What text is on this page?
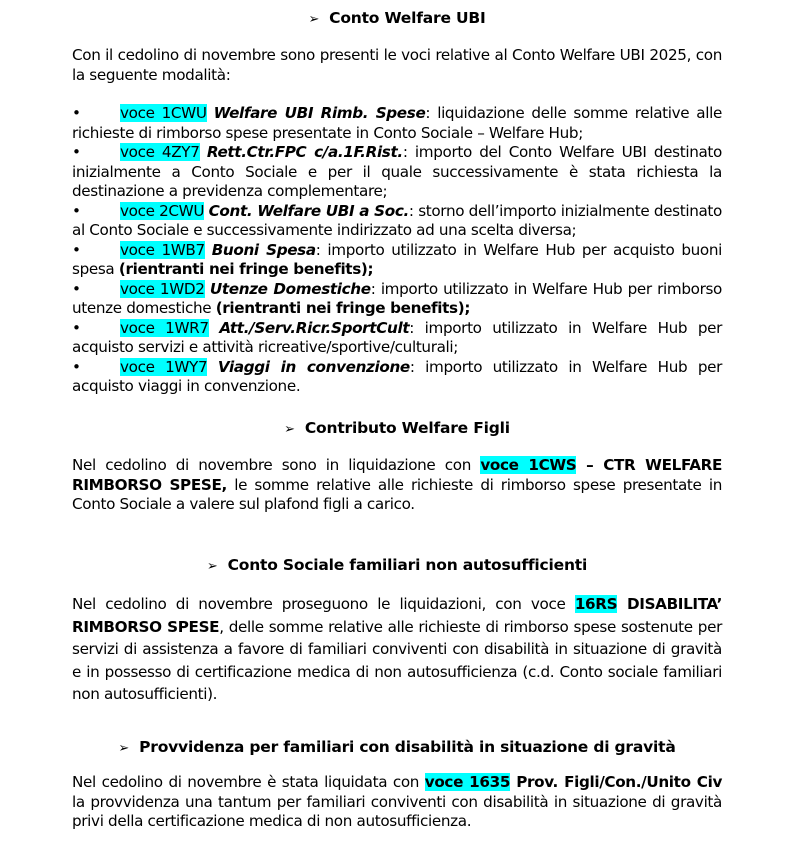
➢ Conto Welfare UBI
Con il cedolino di novembre sono presenti le voci relative al Conto Welfare UBI 2025, con la seguente modalità:
•	voce 1CWU Welfare UBI Rimb. Spese: liquidazione delle somme relative alle richieste di rimborso spese presentate in Conto Sociale – Welfare Hub;
•	voce 4ZY7 Rett.Ctr.FPC c/a.1F.Rist.: importo del Conto Welfare UBI destinato inizialmente a Conto Sociale e per il quale successivamente è stata richiesta la destinazione a previdenza complementare;
•	voce 2CWU Cont. Welfare UBI a Soc.: storno dell’importo inizialmente destinato al Conto Sociale e successivamente indirizzato ad una scelta diversa;
•	voce 1WB7 Buoni Spesa: importo utilizzato in Welfare Hub per acquisto buoni spesa (rientranti nei fringe benefits);
•	voce 1WD2 Utenze Domestiche: importo utilizzato in Welfare Hub per rimborso utenze domestiche (rientranti nei fringe benefits);
•	voce 1WR7 Att./Serv.Ricr.SportCult: importo utilizzato in Welfare Hub per acquisto servizi e attività ricreative/sportive/culturali;
•	voce 1WY7 Viaggi in convenzione: importo utilizzato in Welfare Hub per acquisto viaggi in convenzione.
➢ Contributo Welfare Figli
Nel cedolino di novembre sono in liquidazione con voce 1CWS – CTR WELFARE RIMBORSO SPESE, le somme relative alle richieste di rimborso spese presentate in Conto Sociale a valere sul plafond figli a carico.
➢ Conto Sociale familiari non autosufficienti
Nel cedolino di novembre proseguono le liquidazioni, con voce 16RS DISABILITA’ RIMBORSO SPESE, delle somme relative alle richieste di rimborso spese sostenute per servizi di assistenza a favore di familiari conviventi con disabilità in situazione di gravità e in possesso di certificazione medica di non autosufficienza (c.d. Conto sociale familiari non autosufficienti).
➢ Provvidenza per familiari con disabilità in situazione di gravità
Nel cedolino di novembre è stata liquidata con voce 1635 Prov. Figli/Con./Unito Civ la provvidenza una tantum per familiari conviventi con disabilità in situazione di gravità privi della certificazione medica di non autosufficienza.
